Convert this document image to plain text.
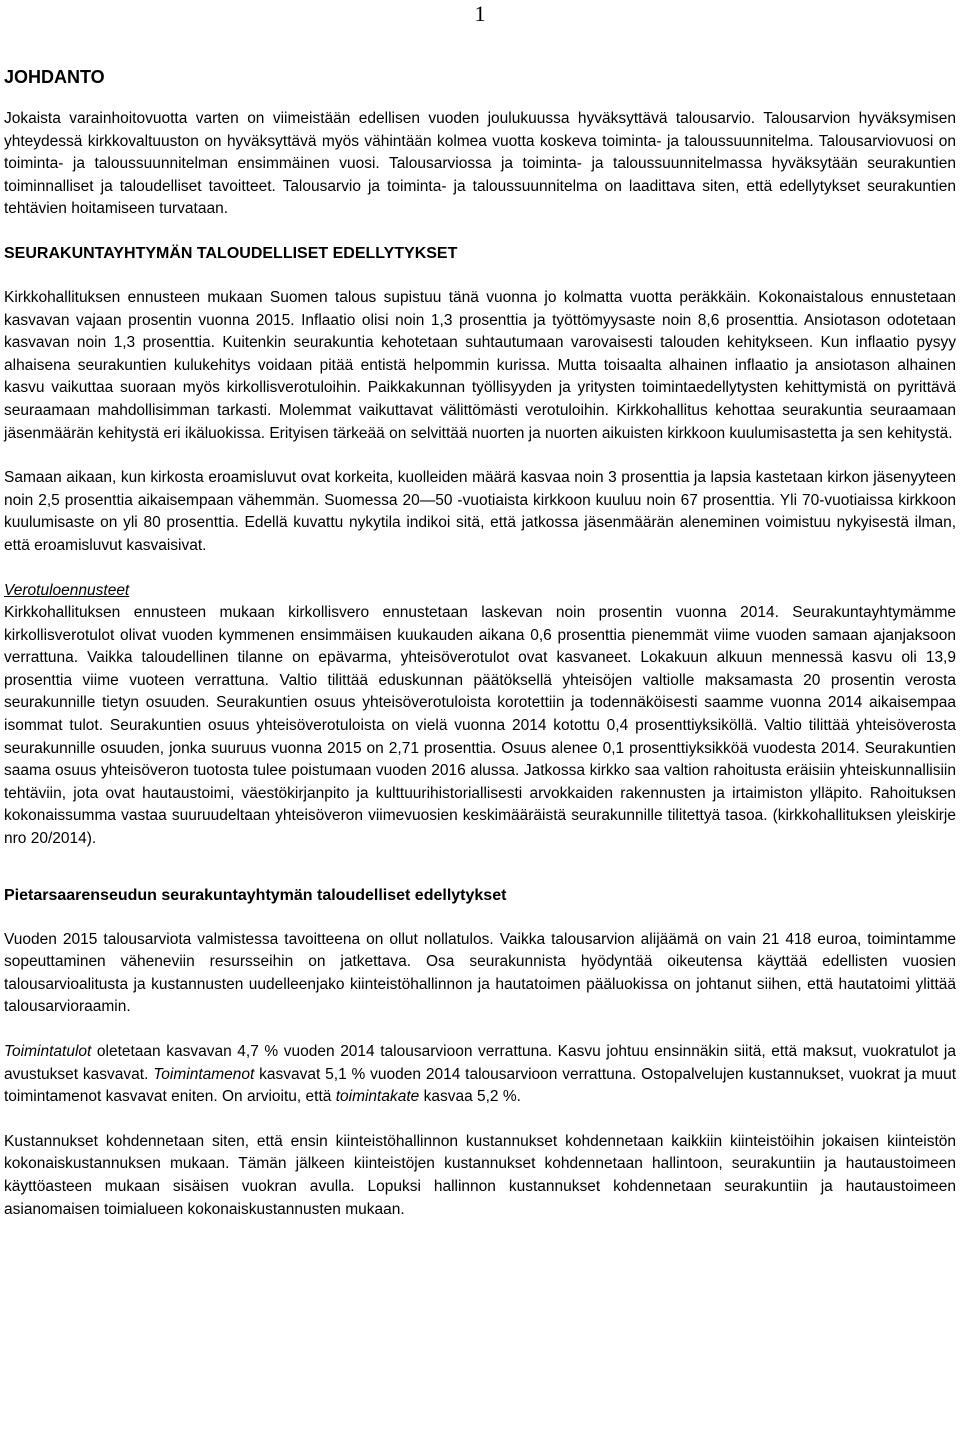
1
JOHDANTO
Jokaista varainhoitovuotta varten on viimeistään edellisen vuoden joulukuussa hyväksyttävä talousarvio. Talousarvion hyväksymisen yhteydessä kirkkovaltuuston on hyväksyttävä myös vähintään kolmea vuotta koskeva toiminta- ja taloussuunnitelma. Talousarviovuosi on toiminta- ja taloussuunnitelman ensimmäinen vuosi. Talousarviossa ja toiminta- ja taloussuunnitelmassa hyväksytään seurakuntien toiminnalliset ja taloudelliset tavoitteet. Talousarvio ja toiminta- ja taloussuunnitelma on laadittava siten, että edellytykset seurakuntien tehtävien hoitamiseen turvataan.
SEURAKUNTAYHTYMÄN TALOUDELLISET EDELLYTYKSET
Kirkkohallituksen ennusteen mukaan Suomen talous supistuu tänä vuonna jo kolmatta vuotta peräkkäin. Kokonaistalous ennustetaan kasvavan vajaan prosentin vuonna 2015. Inflaatio olisi noin 1,3 prosenttia ja työttömyysaste noin 8,6 prosenttia. Ansiotason odotetaan kasvavan noin 1,3 prosenttia. Kuitenkin seurakuntia kehotetaan suhtautumaan varovaisesti talouden kehitykseen. Kun inflaatio pysyy alhaisena seurakuntien kulukehitys voidaan pitää entistä helpommin kurissa. Mutta toisaalta alhainen inflaatio ja ansiotason alhainen kasvu vaikuttaa suoraan myös kirkollisverotuloihin. Paikkakunnan työllisyyden ja yritysten toimintaedellytysten kehittymistä on pyrittävä seuraamaan mahdollisimman tarkasti. Molemmat vaikuttavat välittömästi verotuloihin. Kirkkohallitus kehottaa seurakuntia seuraamaan jäsenmäärän kehitystä eri ikäluokissa. Erityisen tärkeää on selvittää nuorten ja nuorten aikuisten kirkkoon kuulumisastetta ja sen kehitystä.
Samaan aikaan, kun kirkosta eroamisluvut ovat korkeita, kuolleiden määrä kasvaa noin 3 prosenttia ja lapsia kastetaan kirkon jäsenyyteen noin 2,5 prosenttia aikaisempaan vähemmän. Suomessa 20—50 -vuotiaista kirkkoon kuuluu noin 67 prosenttia. Yli 70-vuotiaissa kirkkoon kuulumisaste on yli 80 prosenttia. Edellä kuvattu nykytila indikoi sitä, että jatkossa jäsenmäärän aleneminen voimistuu nykyisestä ilman, että eroamisluvut kasvaisivat.
Verotuloennusteet
Kirkkohallituksen ennusteen mukaan kirkollisvero ennustetaan laskevan noin prosentin vuonna 2014. Seurakuntayhtymämme kirkollisverotulot olivat vuoden kymmenen ensimmäisen kuukauden aikana 0,6 prosenttia pienemmät viime vuoden samaan ajanjaksoon verrattuna. Vaikka taloudellinen tilanne on epävarma, yhteisöverotulot ovat kasvaneet. Lokakuun alkuun mennessä kasvu oli 13,9 prosenttia viime vuoteen verrattuna. Valtio tilittää eduskunnan päätöksellä yhteisöjen valtiolle maksamasta 20 prosentin verosta seurakunnille tietyn osuuden. Seurakuntien osuus yhteisöverotuloista korotettiin ja todennäköisesti saamme vuonna 2014 aikaisempaa isommat tulot. Seurakuntien osuus yhteisöverotuloista on vielä vuonna 2014 kotottu 0,4 prosenttiyksiköllä. Valtio tilittää yhteisöverosta seurakunnille osuuden, jonka suuruus vuonna 2015 on 2,71 prosenttia. Osuus alenee 0,1 prosenttiyksikköä vuodesta 2014. Seurakuntien saama osuus yhteisöveron tuotosta tulee poistumaan vuoden 2016 alussa. Jatkossa kirkko saa valtion rahoitusta eräisiin yhteiskunnallisiin tehtäviin, jota ovat hautaustoimi, väestökirjanpito ja kulttuurihistoriallisesti arvokkaiden rakennusten ja irtaimiston ylläpito. Rahoituksen kokonaissumma vastaa suuruudeltaan yhteisöveron viimevuosien keskimääräistä seurakunnille tilitettyä tasoa. (kirkkohallituksen yleiskirje nro 20/2014).
Pietarsaarenseudun seurakuntayhtymän taloudelliset edellytykset
Vuoden 2015 talousarviota valmistessa tavoitteena on ollut nollatulos. Vaikka talousarvion alijäämä on vain 21 418 euroa, toimintamme sopeuttaminen väheneviin resursseihin on jatkettava. Osa seurakunnista hyödyntää oikeutensa käyttää edellisten vuosien talousarvioalitusta ja kustannusten uudelleenjako kiinteistöhallinnon ja hautatoimen pääluokissa on johtanut siihen, että hautatoimi ylittää talousarvioraamin.
Toimintatulot oletetaan kasvavan 4,7 % vuoden 2014 talousarvioon verrattuna. Kasvu johtuu ensinnäkin siitä, että maksut, vuokratulot ja avustukset kasvavat. Toimintamenot kasvavat 5,1 % vuoden 2014 talousarvioon verrattuna. Ostopalvelujen kustannukset, vuokrat ja muut toimintamenot kasvavat eniten. On arvioitu, että toimintakate kasvaa 5,2 %.
Kustannukset kohdennetaan siten, että ensin kiinteistöhallinnon kustannukset kohdennetaan kaikkiin kiinteistöihin jokaisen kiinteistön kokonaiskustannuksen mukaan. Tämän jälkeen kiinteistöjen kustannukset kohdennetaan hallintoon, seurakuntiin ja hautaustoimeen käyttöasteen mukaan sisäisen vuokran avulla. Lopuksi hallinnon kustannukset kohdennetaan seurakuntiin ja hautaustoimeen asianomaisen toimialueen kokonaiskustannusten mukaan.
